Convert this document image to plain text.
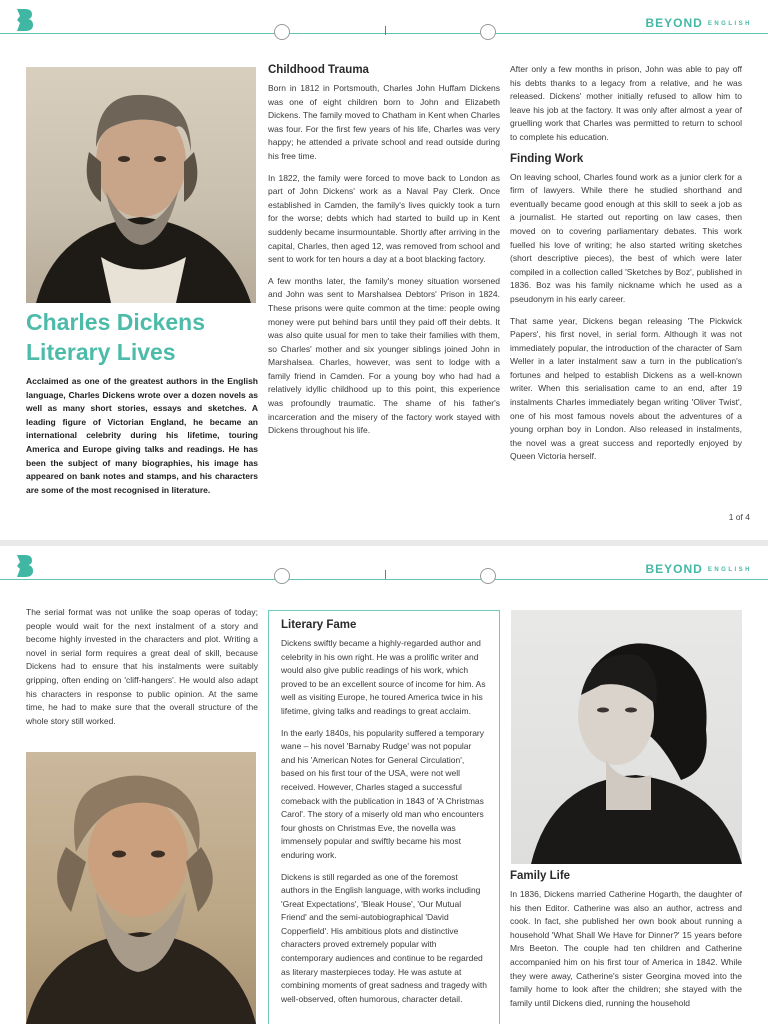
BEYOND $^{ENGLISH}$
Charles Dickens
Literary Lives
Acclaimed as one of the greatest authors in the English language, Charles Dickens wrote over a dozen novels as well as many short stories, essays and sketches. A leading figure of Victorian England, he became an international celebrity during his lifetime, touring America and Europe giving talks and readings. He has been the subject of many biographies, his image has appeared on bank notes and stamps, and his characters are some of the most recognised in literature.
Childhood Trauma

Born in 1812 in Portsmouth, Charles John Huffam Dickens was one of eight children born to John and Elizabeth Dickens. The family moved to Chatham in Kent when Charles was four. For the first few years of his life, Charles was very happy; he attended a private school and read outside during his free time.

In 1822, the family were forced to move back to London as part of John Dickens' work as a Naval Pay Clerk. Once established in Camden, the family's lives quickly took a turn for the worse; debts which had started to build up in Kent suddenly became insurmountable. Shortly after arriving in the capital, Charles, then aged 12, was removed from school and sent to work for ten hours a day at a boot blacking factory.

A few months later, the family's money situation worsened and John was sent to Marshalsea Debtors' Prison in 1824. These prisons were quite common at the time: people owing money were put behind bars until they paid off their debts. It was also quite usual for men to take their families with them, so Charles' mother and six younger siblings joined John in Marshalsea. Charles, however, was sent to lodge with a family friend in Camden. For a young boy who had had a relatively idyllic childhood up to this point, this experience was profoundly traumatic. The shame of his father's incarceration and the misery of the factory work stayed with Dickens throughout his life.

After only a few months in prison, John was able to pay off his debts thanks to a legacy from a relative, and he was released. Dickens' mother initially refused to allow him to leave his job at the factory. It was only after almost a year of gruelling work that Charles was permitted to return to school to complete his education.

Finding Work

On leaving school, Charles found work as a junior clerk for a firm of lawyers. While there he studied shorthand and eventually became good enough at this skill to seek a job as a journalist. He started out reporting on law cases, then moved on to covering parliamentary debates. This work fuelled his love of writing; he also started writing sketches (short descriptive pieces), the best of which were later compiled in a collection called 'Sketches by Boz', published in 1836. Boz was his family nickname which he used as a pseudonym in his early career.

That same year, Dickens began releasing 'The Pickwick Papers', his first novel, in serial form. Although it was not immediately popular, the introduction of the character of Sam Weller in a later instalment saw a turn in the publication's fortunes and helped to establish Dickens as a well-known writer. When this serialisation came to an end, after 19 instalments Charles immediately began writing 'Oliver Twist', one of his most famous novels about the adventures of a young orphan boy in London. Also released in instalments, the novel was a great success and reportedly enjoyed by Queen Victoria herself.

1 of 4
BEYOND $^{ENGLISH}$

The serial format was not unlike the soap operas of today; people would wait for the next instalment of a story and become highly invested in the characters and plot. Writing a novel in serial form requires a great deal of skill, because Dickens had to ensure that his instalments were suitably gripping, often ending on 'cliff-hangers'. He would also adapt his characters in response to public opinion. At the same time, he had to make sure that the overall structure of the whole story still worked.

Literary Fame

Dickens swiftly became a highly-regarded author and celebrity in his own right. He was a prolific writer and would also give public readings of his work, which proved to be an excellent source of income for him. As well as visiting Europe, he toured America twice in his lifetime, giving talks and readings to great acclaim.

In the early 1840s, his popularity suffered a temporary wane – his novel 'Barnaby Rudge' was not popular and his 'American Notes for General Circulation', based on his first tour of the USA, were not well received. However, Charles staged a successful comeback with the publication in 1843 of 'A Christmas Carol'. The story of a miserly old man who encounters four ghosts on Christmas Eve, the novella was immensely popular and swiftly became his most enduring work.

Dickens is still regarded as one of the foremost authors in the English language, with works including 'Great Expectations', 'Bleak House', 'Our Mutual Friend' and the semi-autobiographical 'David Copperfield'. His ambitious plots and distinctive characters proved extremely popular with contemporary audiences and continue to be regarded as literary masterpieces today. He was astute at combining moments of great sadness and tragedy with well-observed, often humorous, character detail.

Family Life

In 1836, Dickens married Catherine Hogarth, the daughter of his then Editor. Catherine was also an author, actress and cook. In fact, she published her own book about running a household 'What Shall We Have for Dinner?' 15 years before Mrs Beeton. The couple had ten children and Catherine accompanied him on his first tour of America in 1842. While they were away, Catherine's sister Georgina moved into the family home to look after the children; she stayed with the family until Dickens died, running the household
